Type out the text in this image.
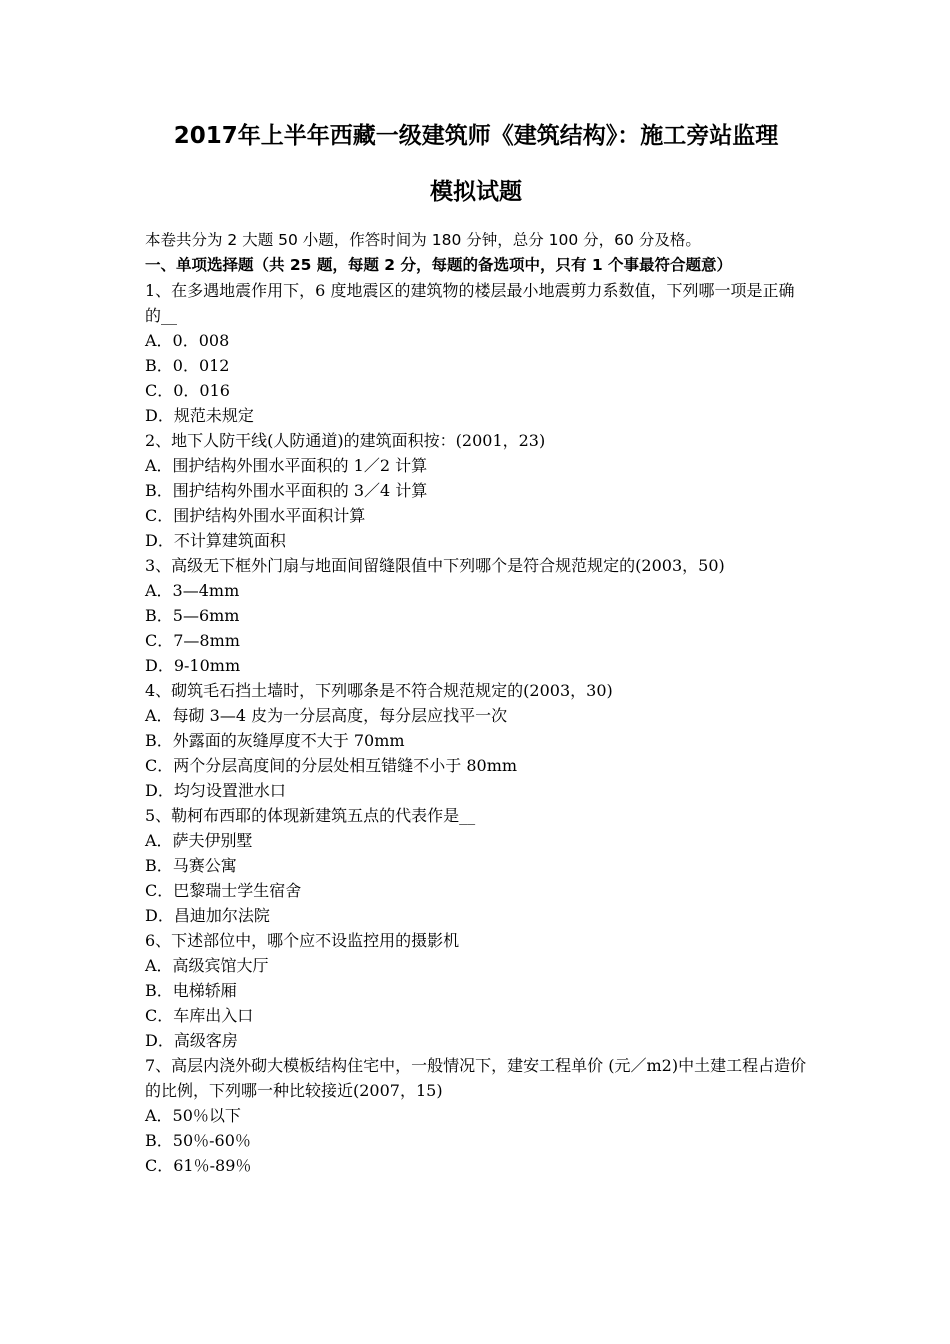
2017年上半年西藏一级建筑师《建筑结构》：施工旁站监理
模拟试题
本卷共分为 2 大题 50 小题，作答时间为 180 分钟，总分 100 分，60 分及格。
一、单项选择题（共 25 题，每题 2 分，每题的备选项中，只有 1 个事最符合题意）
1、在多遇地震作用下，6 度地震区的建筑物的楼层最小地震剪力系数值，下列哪一项是正确的__
A．0．008
B．0．012
C．0．016
D．规范未规定
2、地下人防干线(人防通道)的建筑面积按：(2001，23)
A．围护结构外围水平面积的 1／2 计算
B．围护结构外围水平面积的 3／4 计算
C．围护结构外围水平面积计算
D．不计算建筑面积
3、高级无下框外门扇与地面间留缝限值中下列哪个是符合规范规定的(2003，50)
A．3—4mm
B．5—6mm
C．7—8mm
D．9-10mm
4、砌筑毛石挡土墙时，下列哪条是不符合规范规定的(2003，30)
A．每砌 3—4 皮为一分层高度，每分层应找平一次
B．外露面的灰缝厚度不大于 70mm
C．两个分层高度间的分层处相互错缝不小于 80mm
D．均匀设置泄水口
5、勒柯布西耶的体现新建筑五点的代表作是__
A．萨夫伊别墅
B．马赛公寓
C．巴黎瑞士学生宿舍
D．昌迪加尔法院
6、下述部位中，哪个应不设监控用的摄影机
A．高级宾馆大厅
B．电梯轿厢
C．车库出入口
D．高级客房
7、高层内浇外砌大模板结构住宅中，一般情况下，建安工程单价 (元／m2)中土建工程占造价的比例，下列哪一种比较接近(2007，15)
A．50％以下
B．50％-60％
C．61％-89％
